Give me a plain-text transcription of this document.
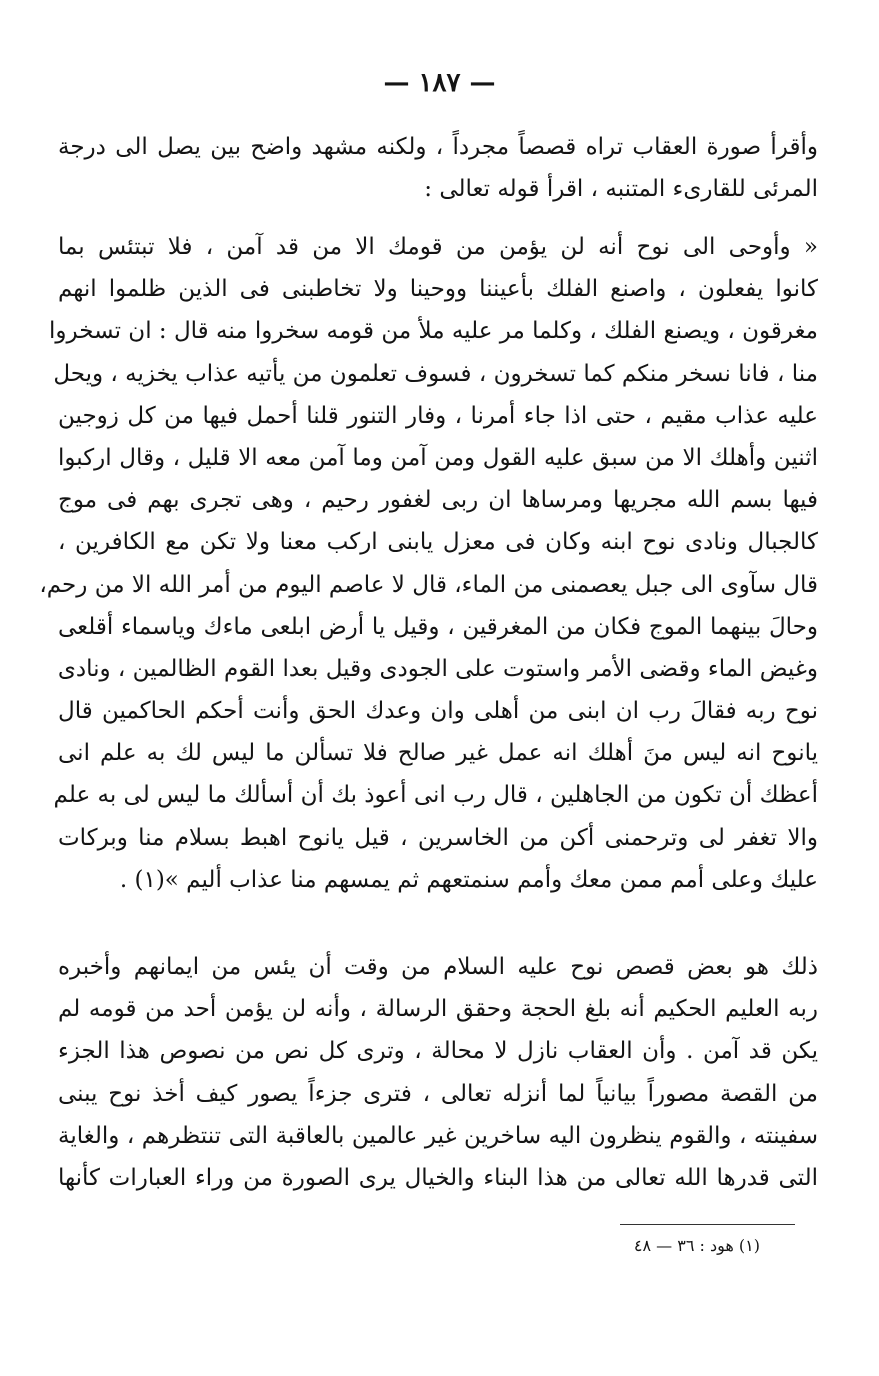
— ١٨٧ —
وأقرأ صورة العقاب تراه قصصاً مجرداً ، ولكنه مشهد واضح بين يصل الى درجة
المرئى للقارىء المتنبه ، اقرأ قوله تعالى :
« وأوحى الى نوح أنه لن يؤمن من قومك الا من قد آمن ، فلا تبتئس بما
كانوا يفعلون ، واصنع الفلك بأعيننا ووحينا ولا تخاطبنى فى الذين ظلموا انهم
مغرقون ، ويصنع الفلك ، وكلما مر عليه ملأ من قومه سخروا منه قال : ان تسخروا
منا ، فانا نسخر منكم كما تسخرون ، فسوف تعلمون من يأتيه عذاب يخزيه ، ويحل
عليه عذاب مقيم ، حتى اذا جاء أمرنا ، وفار التنور قلنا أحمل فيها من كل زوجين
اثنين وأهلك الا من سبق عليه القول ومن آمن وما آمن معه الا قليل ، وقال اركبوا
فيها بسم الله مجريها ومرساها ان ربى لغفور رحيم ، وهى تجرى بهم فى موج
كالجبال ونادى نوح ابنه وكان فى معزل يابنى اركب معنا ولا تكن مع الكافرين ،
قال سآوى الى جبل يعصمنى من الماء، قال لا عاصم اليوم من أمر الله الا من رحم،
وحالَ بينهما الموج فكان من المغرقين ، وقيل يا أرض ابلعى ماءك وياسماء أقلعى
وغيض الماء وقضى الأمر واستوت على الجودى وقيل بعدا القوم الظالمين ، ونادى
نوح ربه فقالَ رب ان ابنى من أهلى وان وعدك الحق وأنت أحكم الحاكمين قال
يانوح انه ليس منَ أهلك انه عمل غير صالح فلا تسألن ما ليس لك به علم انى
أعظك أن تكون من الجاهلين ، قال رب انى أعوذ بك أن أسألك ما ليس لى به علم
والا تغفر لى وترحمنى أكن من الخاسرين ، قيل يانوح اهبط بسلام منا وبركات
عليك وعلى أمم ممن معك وأمم سنمتعهم ثم يمسهم منا عذاب أليم »(١) .
ذلك هو بعض قصص نوح عليه السلام من وقت أن يئس من ايمانهم وأخبره
ربه العليم الحكيم أنه بلغ الحجة وحقق الرسالة ، وأنه لن يؤمن أحد من قومه لم
يكن قد آمن . وأن العقاب نازل لا محالة ، وترى كل نص من نصوص هذا الجزء
من القصة مصوراً بيانياً لما أنزله تعالى ، فترى جزءاً يصور كيف أخذ نوح يبنى
سفينته ، والقوم ينظرون اليه ساخرين غير عالمين بالعاقبة التى تنتظرهم ، والغاية
التى قدرها الله تعالى من هذا البناء والخيال يرى الصورة من وراء العبارات كأنها
(١) هود : ٣٦ — ٤٨
